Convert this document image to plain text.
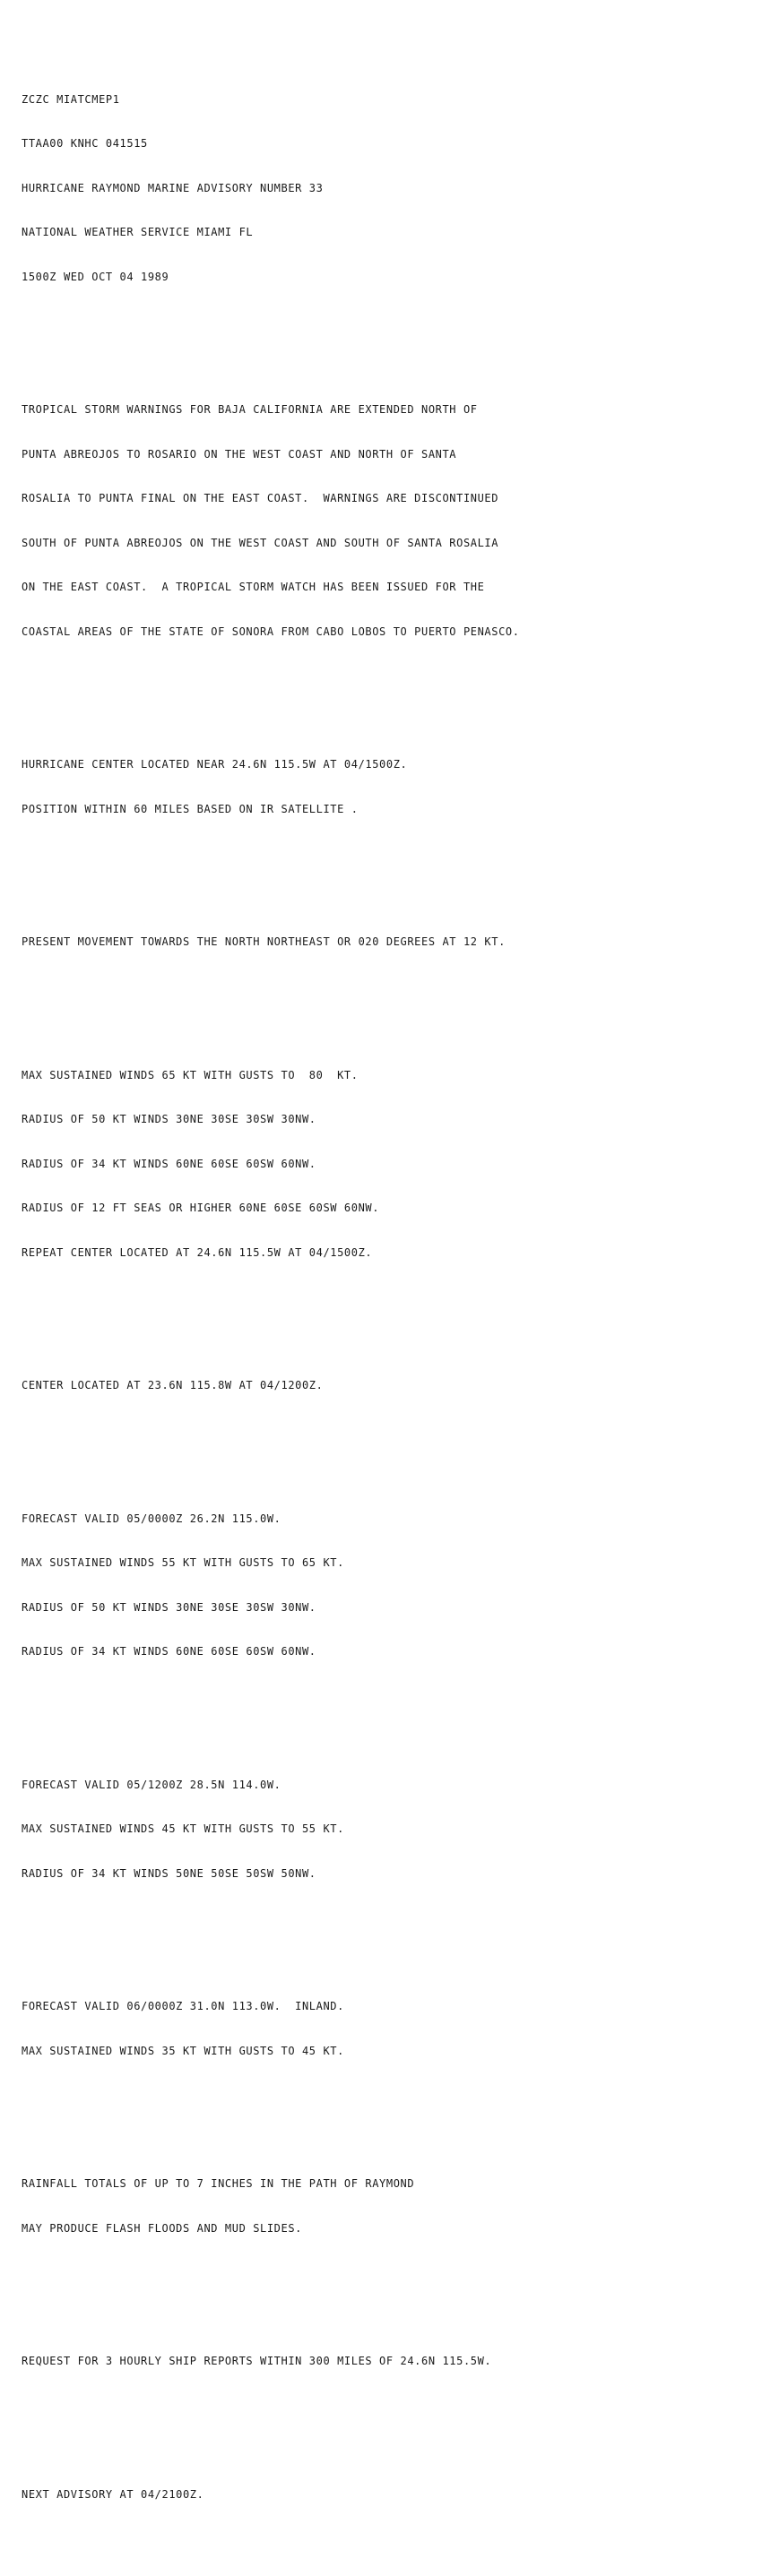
ZCZC MIATCMEP1

TTAA00 KNHC 041515

HURRICANE RAYMOND MARINE ADVISORY NUMBER 33

NATIONAL WEATHER SERVICE MIAMI FL

1500Z WED OCT 04 1989

TROPICAL STORM WARNINGS FOR BAJA CALIFORNIA ARE EXTENDED NORTH OF

PUNTA ABREOJOS TO ROSARIO ON THE WEST COAST AND NORTH OF SANTA

ROSALIA TO PUNTA FINAL ON THE EAST COAST.  WARNINGS ARE DISCONTINUED

SOUTH OF PUNTA ABREOJOS ON THE WEST COAST AND SOUTH OF SANTA ROSALIA

ON THE EAST COAST.  A TROPICAL STORM WATCH HAS BEEN ISSUED FOR THE

COASTAL AREAS OF THE STATE OF SONORA FROM CABO LOBOS TO PUERTO PENASCO.

HURRICANE CENTER LOCATED NEAR 24.6N 115.5W AT 04/1500Z.

POSITION WITHIN 60 MILES BASED ON IR SATELLITE .

PRESENT MOVEMENT TOWARDS THE NORTH NORTHEAST OR 020 DEGREES AT 12 KT.

MAX SUSTAINED WINDS 65 KT WITH GUSTS TO  80  KT.

RADIUS OF 50 KT WINDS 30NE 30SE 30SW 30NW.

RADIUS OF 34 KT WINDS 60NE 60SE 60SW 60NW.

RADIUS OF 12 FT SEAS OR HIGHER 60NE 60SE 60SW 60NW.

REPEAT CENTER LOCATED AT 24.6N 115.5W AT 04/1500Z.

CENTER LOCATED AT 23.6N 115.8W AT 04/1200Z.

FORECAST VALID 05/0000Z 26.2N 115.0W.

MAX SUSTAINED WINDS 55 KT WITH GUSTS TO 65 KT.

RADIUS OF 50 KT WINDS 30NE 30SE 30SW 30NW.

RADIUS OF 34 KT WINDS 60NE 60SE 60SW 60NW.

FORECAST VALID 05/1200Z 28.5N 114.0W.

MAX SUSTAINED WINDS 45 KT WITH GUSTS TO 55 KT.

RADIUS OF 34 KT WINDS 50NE 50SE 50SW 50NW.

FORECAST VALID 06/0000Z 31.0N 113.0W.  INLAND.

MAX SUSTAINED WINDS 35 KT WITH GUSTS TO 45 KT.

RAINFALL TOTALS OF UP TO 7 INCHES IN THE PATH OF RAYMOND

MAY PRODUCE FLASH FLOODS AND MUD SLIDES.

REQUEST FOR 3 HOURLY SHIP REPORTS WITHIN 300 MILES OF 24.6N 115.5W.

NEXT ADVISORY AT 04/2100Z.
